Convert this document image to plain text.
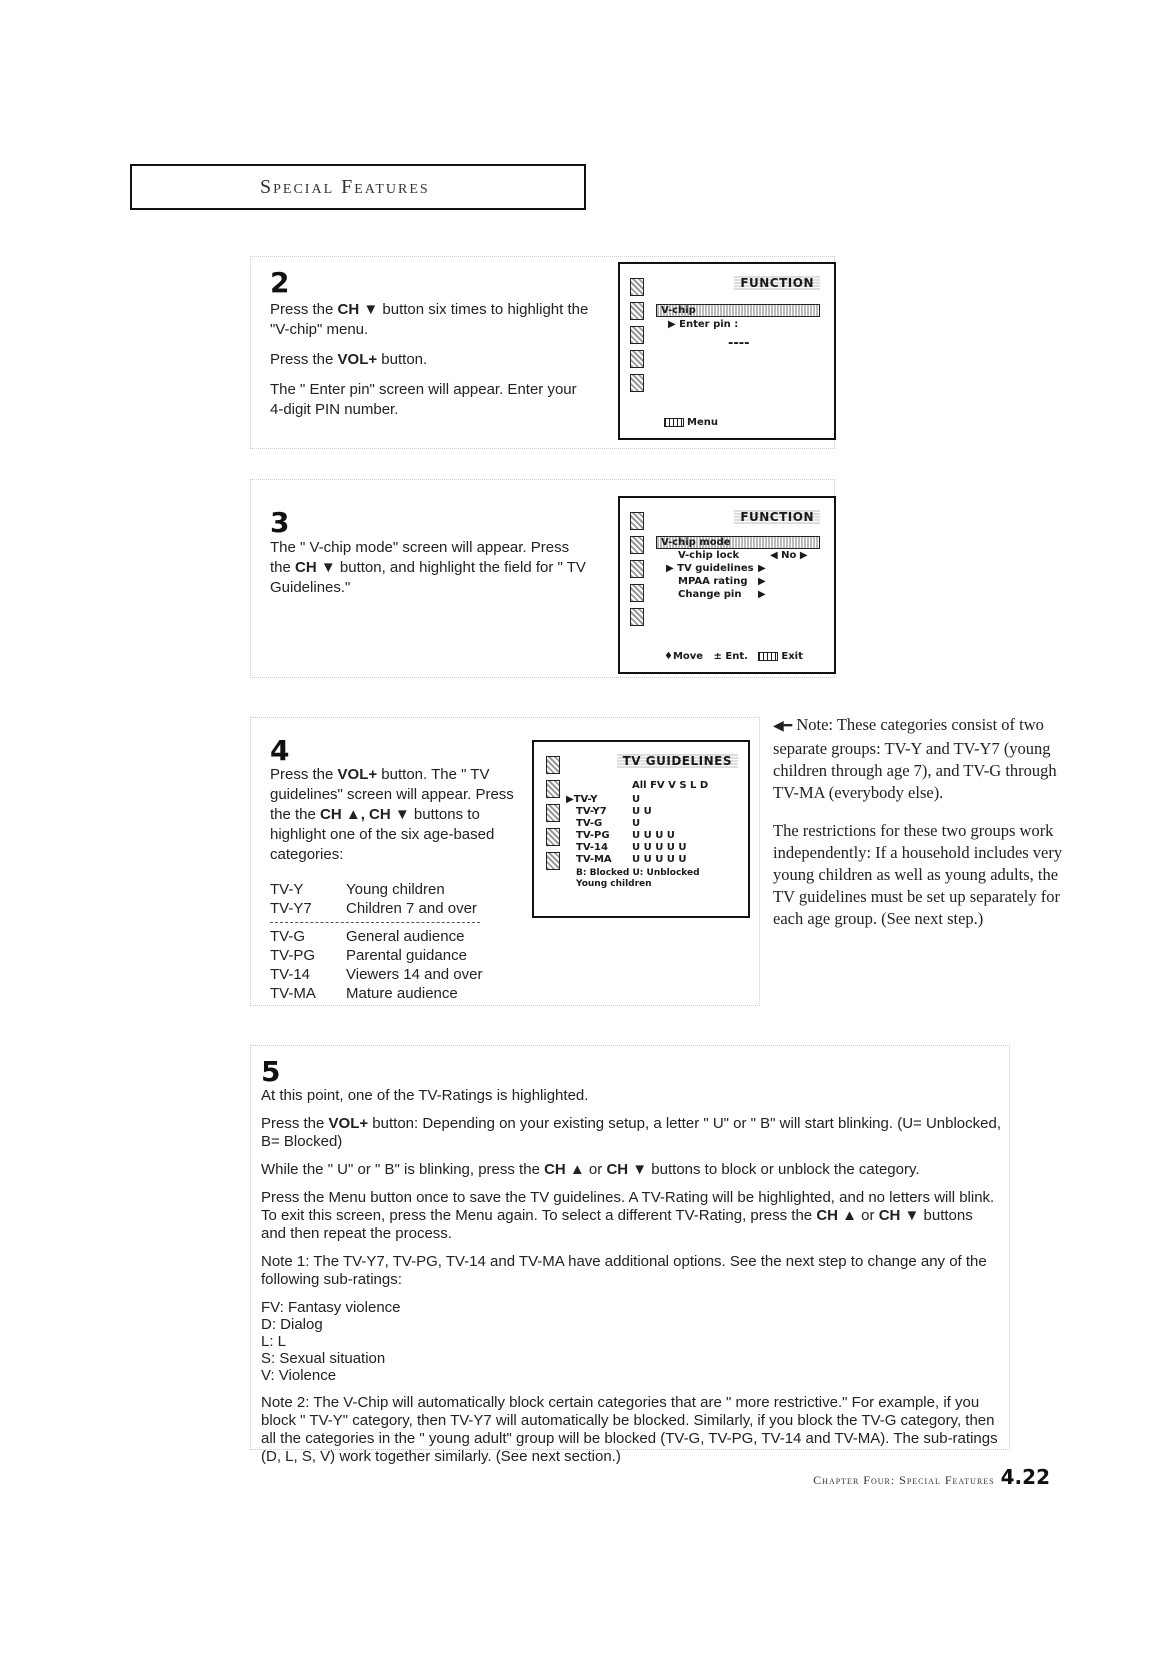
Special Features
2

Press the CH ▼ button six times to highlight the "V-chip" menu.

Press the VOL+ button.

The " Enter pin" screen will appear. Enter your 4-digit PIN number.

FUNCTION
V-chip
▶ Enter pin :
----
Menu
3

The " V-chip mode" screen will appear. Press the CH ▼ button, and highlight the field for " TV Guidelines."

FUNCTION
V-chip mode
V-chip lock	◀ No ▶
▶ TV guidelines ▶
MPAA rating ▶
Change pin ▶
♦Move ± Ent.	Exit
4

Press the VOL+ button. The " TV guidelines" screen will appear. Press the the CH ▲, CH ▼ buttons to highlight one of the six age-based categories:

TV-Y	Young children
TV-Y7	Children 7 and over
TV-G	General audience
TV-PG	Parental guidance
TV-14	Viewers 14 and over
TV-MA	Mature audience
TV GUIDELINES
All FV V S L D
▶TV-Y	U
TV-Y7	U U
TV-G	U
TV-PG U U U U
TV-14 U U U U U
TV-MA U U U U U
B: Blocked U: Unblocked
Young children

◀━ Note: These categories consist of two separate groups: TV-Y and TV-Y7 (young children through age 7), and TV-G through TV-MA (everybody else).

The restrictions for these two groups work independently: If a household includes very young children as well as young adults, the TV guidelines must be set up separately for each age group. (See next step.)

5

At this point, one of the TV-Ratings is highlighted.

Press the VOL+ button: Depending on your existing setup, a letter " U" or " B" will start blinking. (U= Unblocked, B= Blocked)

While the " U" or " B" is blinking, press the CH ▲ or CH ▼ buttons to block or unblock the category.

Press the Menu button once to save the TV guidelines. A TV-Rating will be highlighted, and no letters will blink. To exit this screen, press the Menu again. To select a different TV-Rating, press the CH ▲ or CH ▼ buttons and then repeat the process.

Note 1: The TV-Y7, TV-PG, TV-14 and TV-MA have additional options. See the next step to change any of the following sub-ratings:

FV: Fantasy violence
D: Dialog
L: L
S: Sexual situation
V: Violence

Note 2: The V-Chip will automatically block certain categories that are " more restrictive." For example, if you block " TV-Y" category, then TV-Y7 will automatically be blocked. Similarly, if you block the TV-G category, then all the categories in the " young adult" group will be blocked (TV-G, TV-PG, TV-14 and TV-MA). The sub-ratings (D, L, S, V) work together similarly. (See next section.)

Chapter Four: Special Features 4.22
